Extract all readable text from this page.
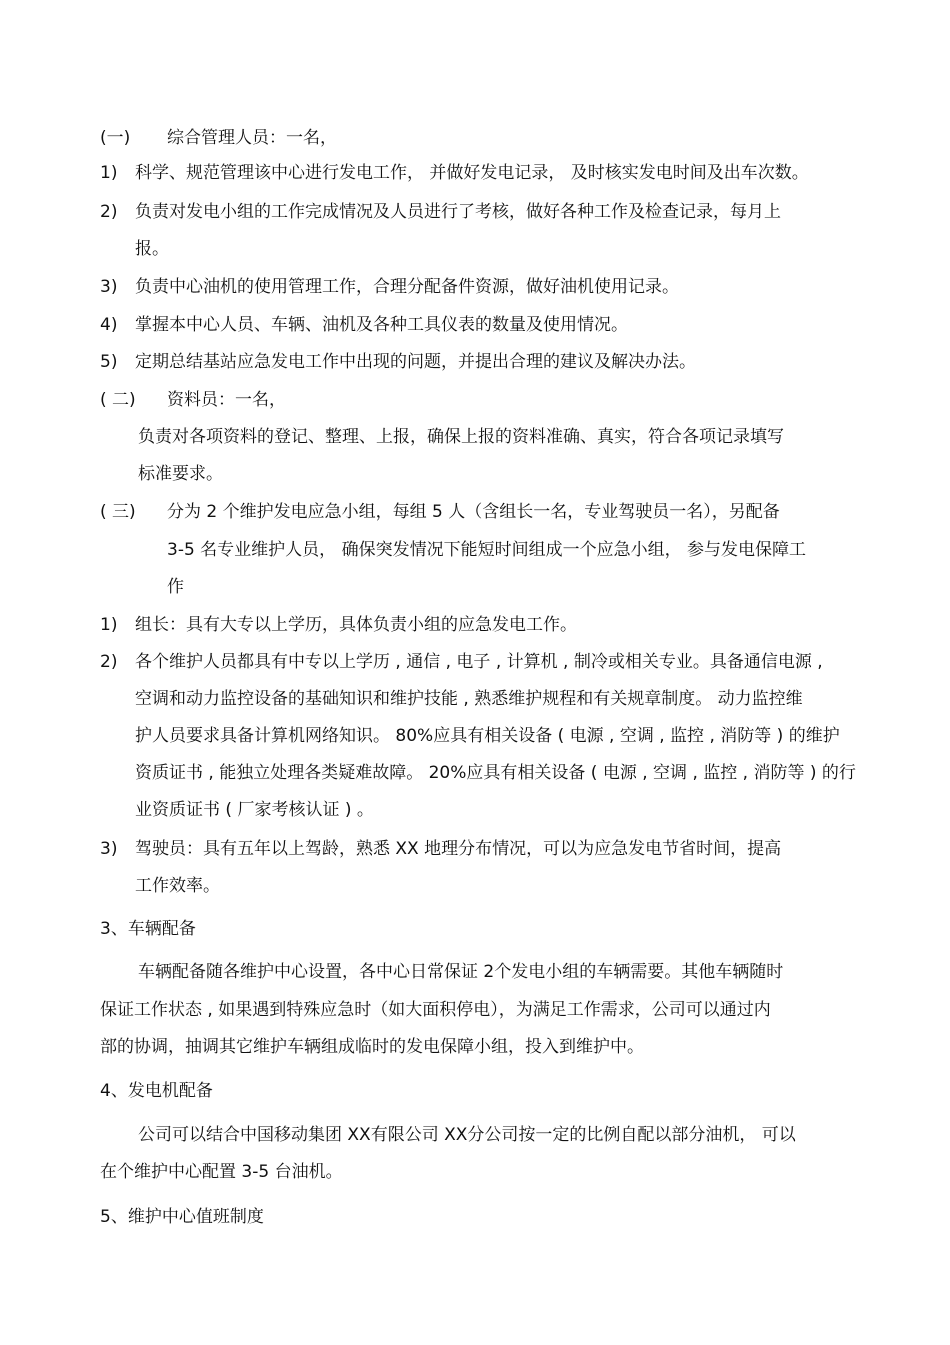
(一) 综合管理人员：一名，
1) 科学、规范管理该中心进行发电工作， 并做好发电记录， 及时核实发电时间及出车次数。
2) 负责对发电小组的工作完成情况及人员进行了考核，做好各种工作及检查记录，每月上
报。
3) 负责中心油机的使用管理工作，合理分配备件资源，做好油机使用记录。
4) 掌握本中心人员、车辆、油机及各种工具仪表的数量及使用情况。
5) 定期总结基站应急发电工作中出现的问题，并提出合理的建议及解决办法。
( 二) 资料员：一名，
负责对各项资料的登记、整理、上报，确保上报的资料准确、真实，符合各项记录填写
标准要求。
( 三) 分为 2 个维护发电应急小组，每组 5 人（含组长一名，专业驾驶员一名），另配备
3-5 名专业维护人员， 确保突发情况下能短时间组成一个应急小组， 参与发电保障工
作
1) 组长：具有大专以上学历，具体负责小组的应急发电工作。
2) 各个维护人员都具有中专以上学历 , 通信 , 电子 , 计算机 , 制冷或相关专业。具备通信电源 ,
空调和动力监控设备的基础知识和维护技能 , 熟悉维护规程和有关规章制度。 动力监控维
护人员要求具备计算机网络知识。 80%应具有相关设备 ( 电源 , 空调 , 监控 , 消防等 ) 的维护
资质证书 , 能独立处理各类疑难故障。 20%应具有相关设备 ( 电源 , 空调 , 监控 , 消防等 ) 的行
业资质证书 ( 厂家考核认证 ) 。
3) 驾驶员：具有五年以上驾龄，熟悉 XX 地理分布情况，可以为应急发电节省时间，提高
工作效率。
3、车辆配备
车辆配备随各维护中心设置，各中心日常保证 2个发电小组的车辆需要。其他车辆随时
保证工作状态 , 如果遇到特殊应急时（如大面积停电），为满足工作需求，公司可以通过内
部的协调，抽调其它维护车辆组成临时的发电保障小组，投入到维护中。
4、发电机配备
公司可以结合中国移动集团 XX有限公司 XX分公司按一定的比例自配以部分油机， 可以
在个维护中心配置 3-5 台油机。
5、维护中心值班制度
